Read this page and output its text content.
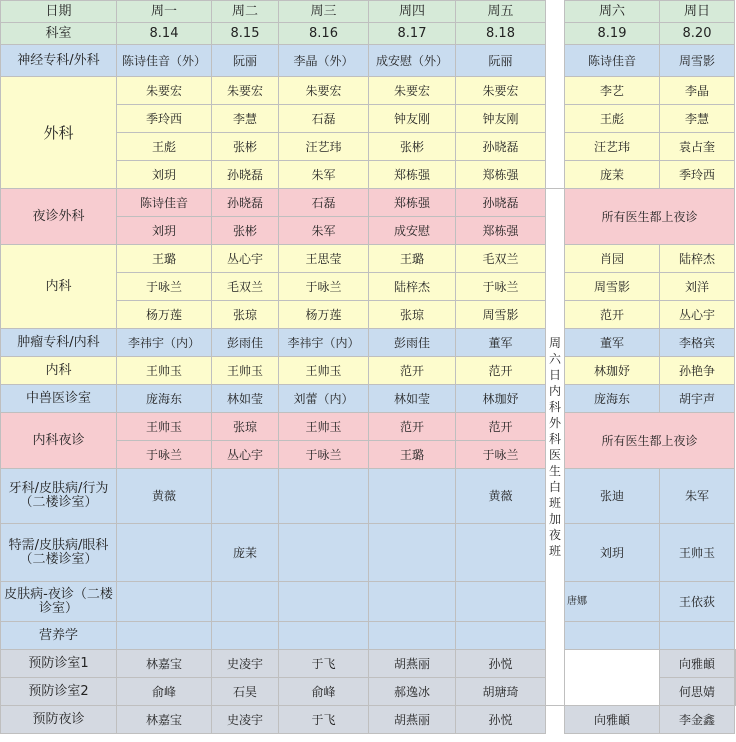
日期	周一	周二	周三	周四	周五		周六	周日	
科室	8.14	8.15	8.16	8.17	8.18		8.19	8.20	
神经专科/外科	陈诗佳音（外）	阮丽	李晶（外）	成安慰（外）	阮丽		陈诗佳音	周雪影	
外科	朱要宏	朱要宏	朱要宏	朱要宏	朱要宏		李艺	李晶	
	季玲西	李慧	石磊	钟友刚	钟友刚		王彪	李慧	
	王彪	张彬	汪艺玮	张彬	孙晓磊		汪艺玮	袁占奎	
	刘玥	孙晓磊	朱军	郑栋强	郑栋强		庞茉	季玲西	
夜诊外科	陈诗佳音	孙晓磊	石磊	郑栋强	孙晓磊	周六日内科外科医生白班加夜班	所有医生都上夜诊		
	刘玥	张彬	朱军	成安慰	郑栋强				
内科	王璐	丛心宇	王思莹	王璐	毛双兰		肖园	陆梓杰	
	于咏兰	毛双兰	于咏兰	陆梓杰	于咏兰		周雪影	刘洋	
	杨万莲	张琼	杨万莲	张琼	周雪影		范开	丛心宇	
肿瘤专科/内科	李祎宇（内）	彭雨佳	李祎宇（内）	彭雨佳	董军		董军	李格宾	
内科	王帅玉	王帅玉	王帅玉	范开	范开		林珈妤	孙艳争	
中兽医诊室	庞海东	林如莹	刘蕾（内）	林如莹	林珈妤		庞海东	胡宇声	
内科夜诊	王帅玉	张琼	王帅玉	范开	范开		所有医生都上夜诊		
	于咏兰	丛心宇	于咏兰	王璐	于咏兰				
牙科/皮肤病/行为（二楼诊室）	黄薇				黄薇		张迪	朱军	
特需/皮肤病/眼科（二楼诊室）		庞茉					刘玥	王帅玉	
皮肤病-夜诊（二楼诊室）							唐娜	王依荻	
营养学									
预防诊室1	林嘉宝	史凌宇	于飞	胡燕丽	孙悦			向雅頔	
预防诊室2	俞峰	石昊	俞峰	郝逸冰	胡瑭琦			何思婧	
预防夜诊	林嘉宝	史凌宇	于飞	胡燕丽	孙悦		向雅頔	李金鑫	
